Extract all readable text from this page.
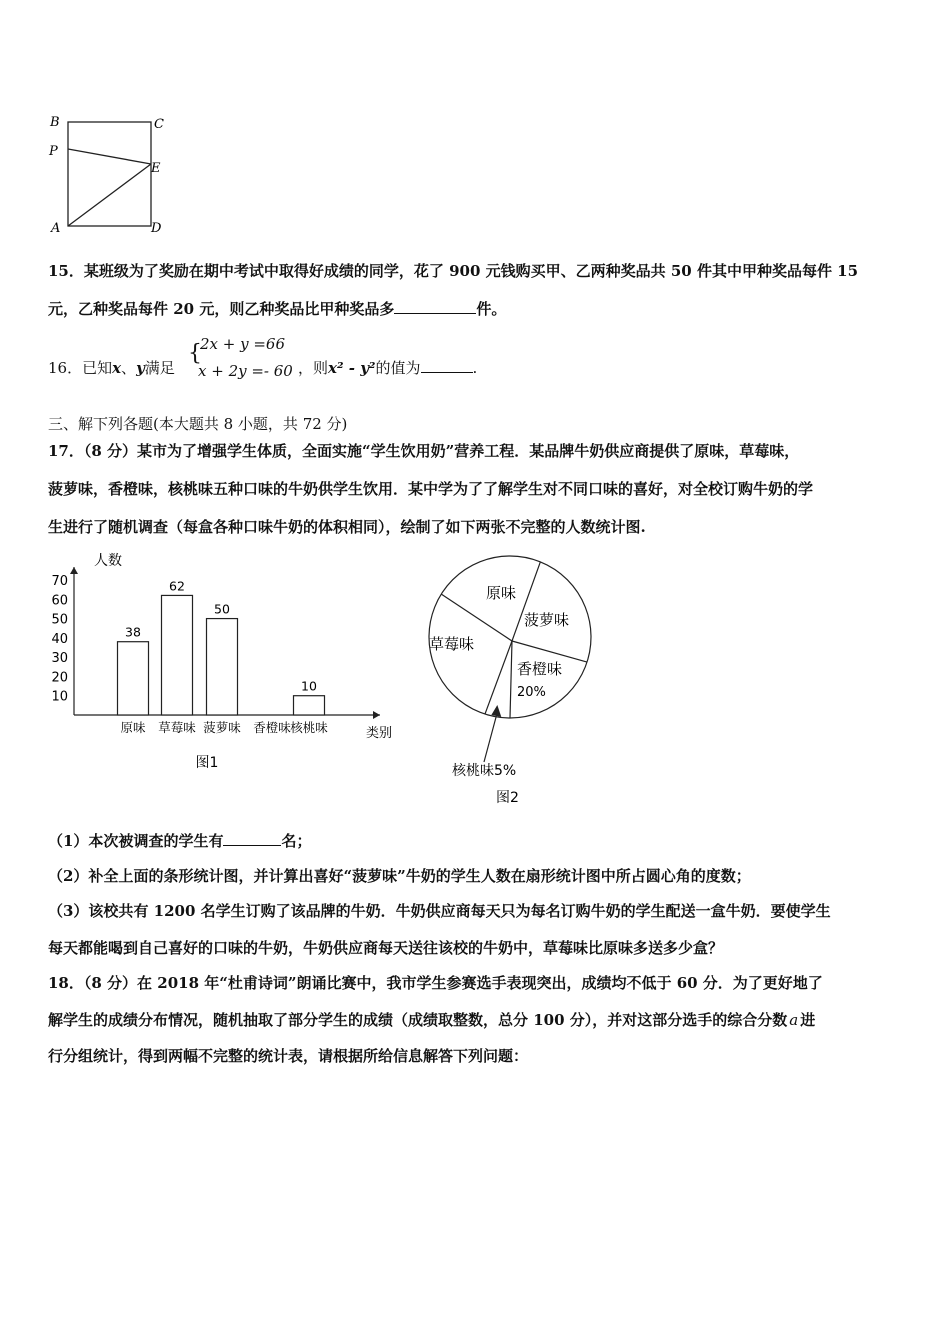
B	C
P
E
A	D
15．某班级为了奖励在期中考试中取得好成绩的同学，花了 900 元钱购买甲、乙两种奖品共 50 件其中甲种奖品每件 15
元，乙种奖品每件 20 元，则乙种奖品比甲种奖品多	件。
16．已知x、y满足
{
2x + y =66
x + 2y =- 60 ，则x² - y²的值为	.
三、解下列各题(本大题共 8 小题，共 72 分)
17．（8 分）某市为了增强学生体质，全面实施“学生饮用奶”营养工程．某品牌牛奶供应商提供了原味，草莓味，
菠萝味，香橙味，核桃味五种口味的牛奶供学生饮用．某中学为了了解学生对不同口味的喜好，对全校订购牛奶的学
生进行了随机调查（每盒各种口味牛奶的体积相同），绘制了如下两张不完整的人数统计图.
人数
类别
10
20
30
40
50
60
70
原味
38
草莓味
62
菠萝味
50
香橙味 核桃味
10
图1
原味
菠萝味
香橙味
20%
草莓味
核桃味5%
图2
（1）本次被调查的学生有	名；
（2）补全上面的条形统计图，并计算出喜好“菠萝味”牛奶的学生人数在扇形统计图中所占圆心角的度数；
（3）该校共有 1200 名学生订购了该品牌的牛奶．牛奶供应商每天只为每名订购牛奶的学生配送一盒牛奶．要使学生
每天都能喝到自己喜好的口味的牛奶，牛奶供应商每天送往该校的牛奶中，草莓味比原味多送多少盒？
18．（8 分）在 2018 年“杜甫诗词”朗诵比赛中，我市学生参赛选手表现突出，成绩均不低于 60 分．为了更好地了
解学生的成绩分布情况，随机抽取了部分学生的成绩（成绩取整数，总分 100 分），并对这部分选手的综合分数 a 进
行分组统计，得到两幅不完整的统计表，请根据所给信息解答下列问题：
